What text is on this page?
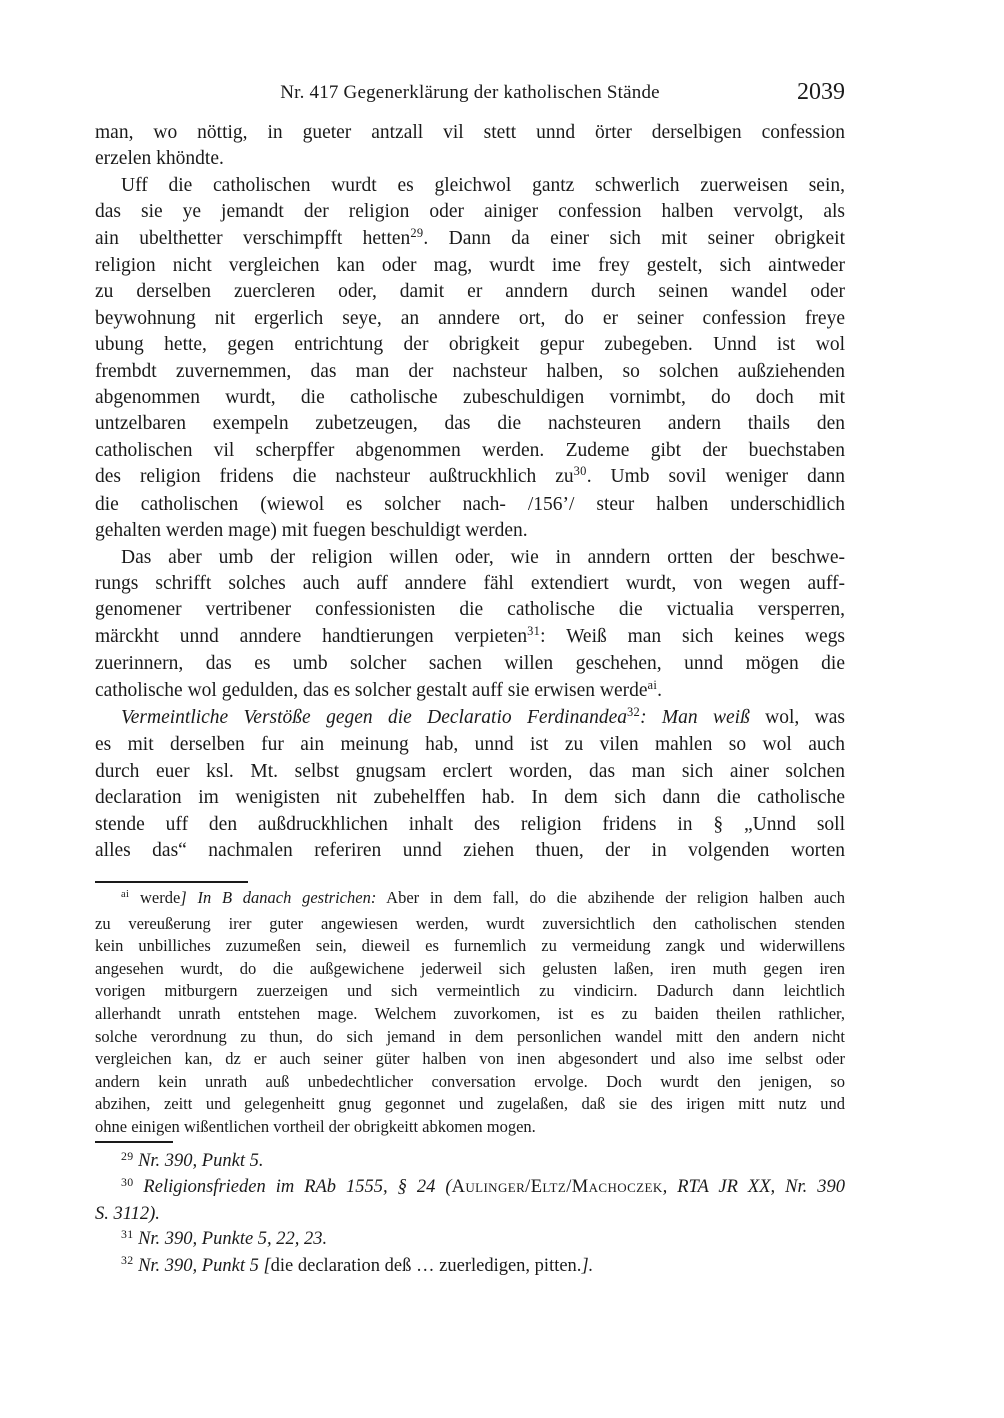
Nr. 417 Gegenerklärung der katholischen Stände	2039
man, wo nöttig, in gueter antzall vil stett unnd örter derselbigen confession
erzelen khöndte.
Uff die catholischen wurdt es gleichwol gantz schwerlich zuerweisen sein,
das sie ye jemandt der religion oder ainiger confession halben vervolgt, als
ain ubelthetter verschimpfft hetten$^{29}$. Dann da einer sich mit seiner obrigkeit
religion nicht vergleichen kan oder mag, wurdt ime frey gestelt, sich aintweder
zu derselben zuercleren oder, damit er anndern durch seinen wandel oder
beywohnung nit ergerlich seye, an anndere ort, do er seiner confession freye
ubung hette, gegen entrichtung der obrigkeit gepur zubegeben. Unnd ist wol
frembdt zuvernemmen, das man der nachsteur halben, so solchen außziehenden
abgenommen wurdt, die catholische zubeschuldigen vornimbt, do doch mit
untzelbaren exempeln zubetzeugen, das die nachsteuren andern thails den
catholischen vil scherpffer abgenommen werden. Zudeme gibt der buechstaben
des religion fridens die nachsteur außtruckhlich $zu^{30}$. Umb sovil weniger dann
die catholischen (wiewol es solcher nach- /156’/ steur halben underschidlich
gehalten werden mage) mit fuegen beschuldigt werden.
Das aber umb der religion willen oder, wie in anndern ortten der beschwe-
rungs schrifft solches auch auff anndere fähl extendiert wurdt, von wegen auff-
genomener vertribener confessionisten die catholische die victualia versperren,
märckht unnd anndere handtierungen verpieten$^{31}$: Weiß man sich keines wegs
zuerinnern, das es umb solcher sachen willen geschehen, unnd mögen die
catholische wol gedulden, das es solcher gestalt auff sie erwisen werde$^{ai}$.
Vermeintliche Verstöße gegen die Declaratio Ferdinandea$^{32}$: Man weiß wol, was
es mit derselben fur ain meinung hab, unnd ist zu vilen mahlen so wol auch
durch euer ksl. Mt. selbst gnugsam erclert worden, das man sich ainer solchen
declaration im wenigisten nit zubehelffen hab. In dem sich dann die catholische
stende uff den außdruckhlichen inhalt des religion fridens in § „Unnd soll
alles das“ nachmalen referiren unnd ziehen thuen, der in volgenden worten
$^{ai}$ werde] In B danach gestrichen: Aber in dem fall, do die abzihende der religion halben auch
zu vereußerung irer guter angewiesen werden, wurdt zuversichtlich den catholischen stenden
kein unbilliches zuzumeßen sein, dieweil es furnemlich zu vermeidung zangk und widerwillens
angesehen wurdt, do die außgewichene jederweil sich gelusten laßen, iren muth gegen iren
vorigen mitburgern zuerzeigen und sich vermeintlich zu vindicirn. Dadurch dann leichtlich
allerhandt unrath entstehen mage. Welchem zuvorkomen, ist es zu baiden theilen rathlicher,
solche verordnung zu thun, do sich jemand in dem personlichen wandel mitt den andern nicht
vergleichen kan, dz er auch seiner güter halben von inen abgesondert und also ime selbst oder
andern kein unrath auß unbedechtlicher conversation ervolge. Doch wurdt den jenigen, so
abzihen, zeitt und gelegenheitt gnug gegonnet und zugelaßen, daß sie des irigen mitt nutz und
ohne einigen wißentlichen vortheil der obrigkeitt abkomen mogen.
$^{29}$ Nr. 390, Punkt 5.
$^{30}$ Religionsfrieden im RAb 1555, § 24 (Aulinger/Eltz/Machoczek, RTA JR XX, Nr. 390
S. 3112).
$^{31}$ Nr. 390, Punkte 5, 22, 23.
$^{32}$ Nr. 390, Punkt 5 [die declaration deß … zuerledigen, pitten.].
